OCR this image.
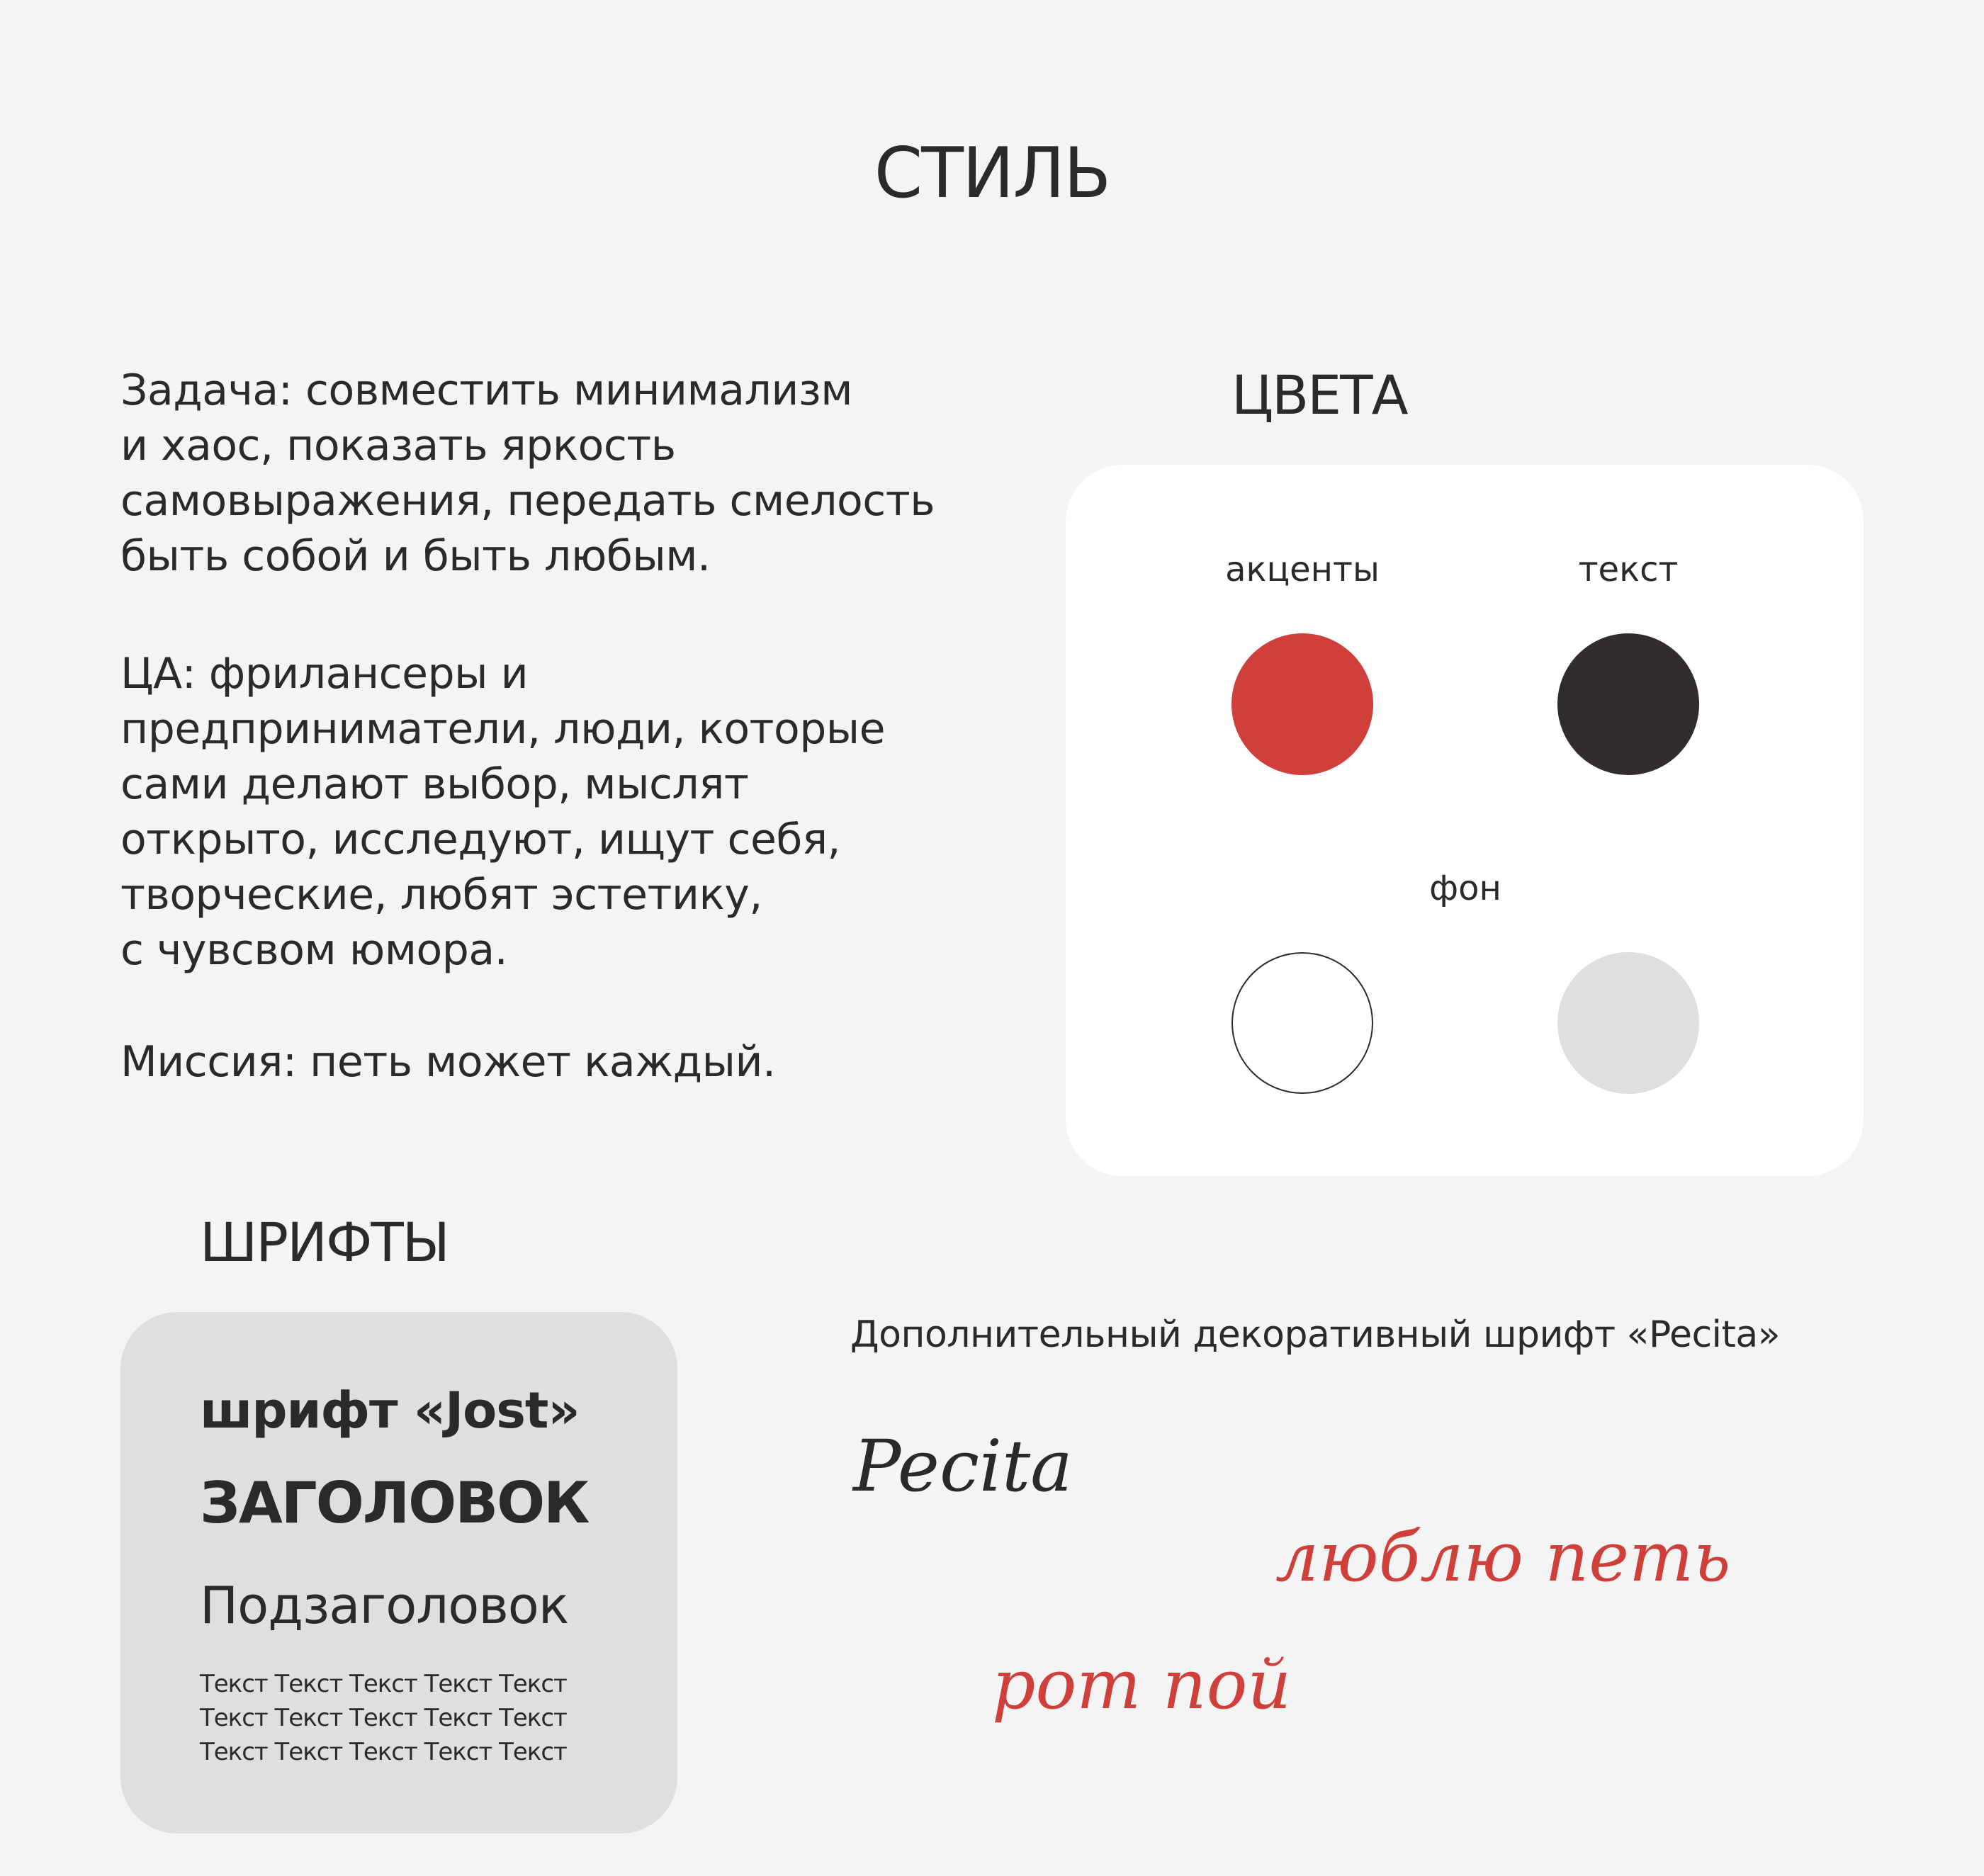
СТИЛЬ
Задача: совместить минимализм
и хаос, показать яркость
самовыражения, передать смелость
быть собой и быть любым.
ЦА: фрилансеры и
предприниматели, люди, которые
сами делают выбор, мыслят
открыто, исследуют, ищут себя,
творческие, любят эстетику,
с чувсвом юмора.
Миссия: петь может каждый.
ЦВЕТА
акценты	текст
фон
ШРИФТЫ
шрифт «Jost»
ЗАГОЛОВОК
Подзаголовок
Текст Текст Текст Текст Текст
Текст Текст Текст Текст Текст
Текст Текст Текст Текст Текст
Дополнительный декоративный шрифт «Pecita»
Pecita
люблю петь
рот пой
